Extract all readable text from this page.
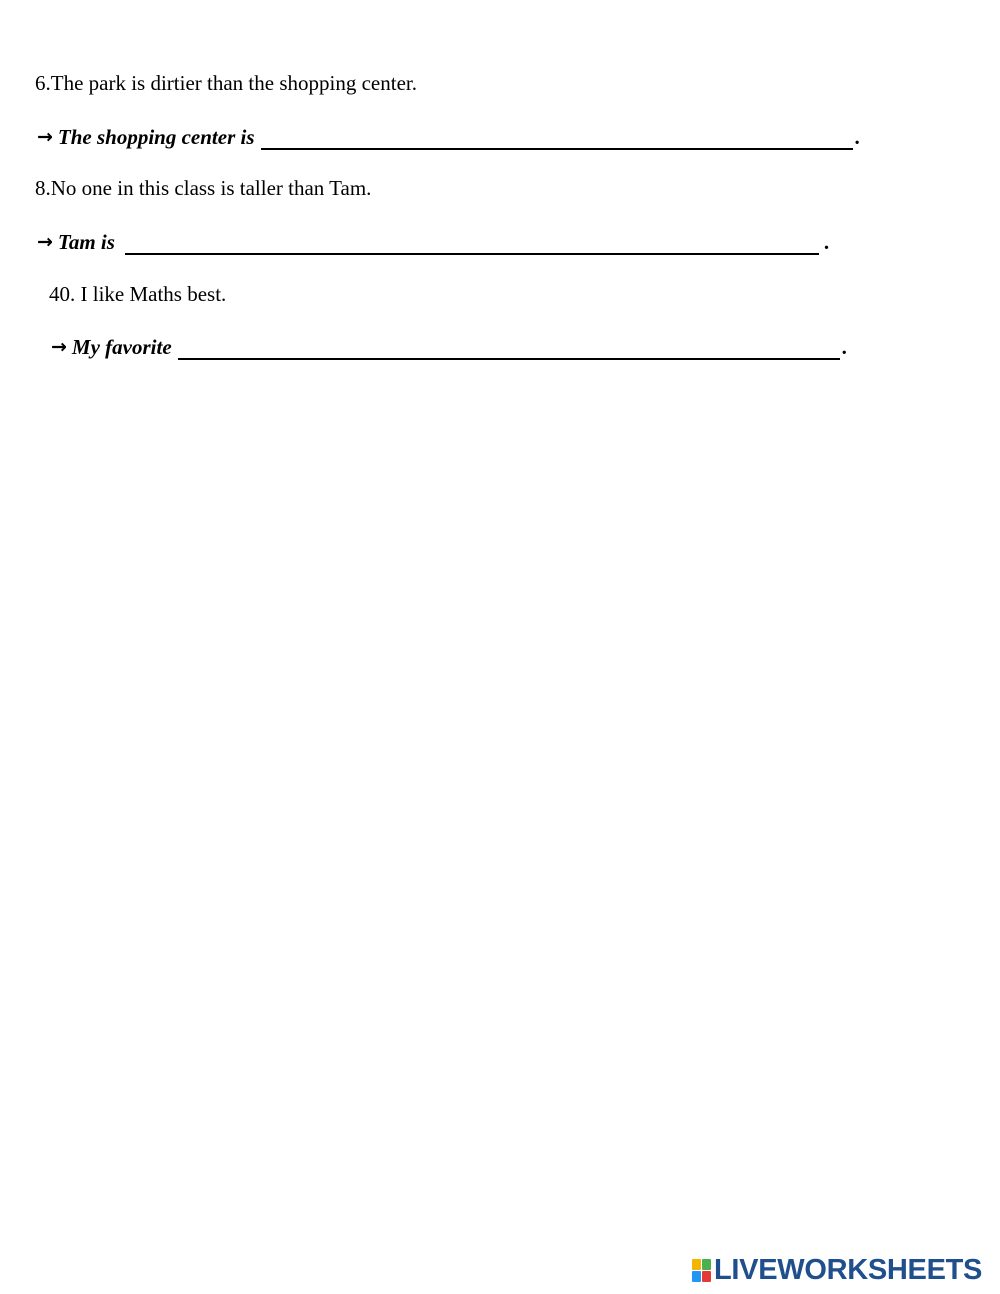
6.The park is dirtier than the shopping center.
→ The shopping center is	.
8.No one in this class is taller than Tam.
→ Tam is	.
40. I like Maths best.
→ My favorite	.
LIVEWORKSHEETS
